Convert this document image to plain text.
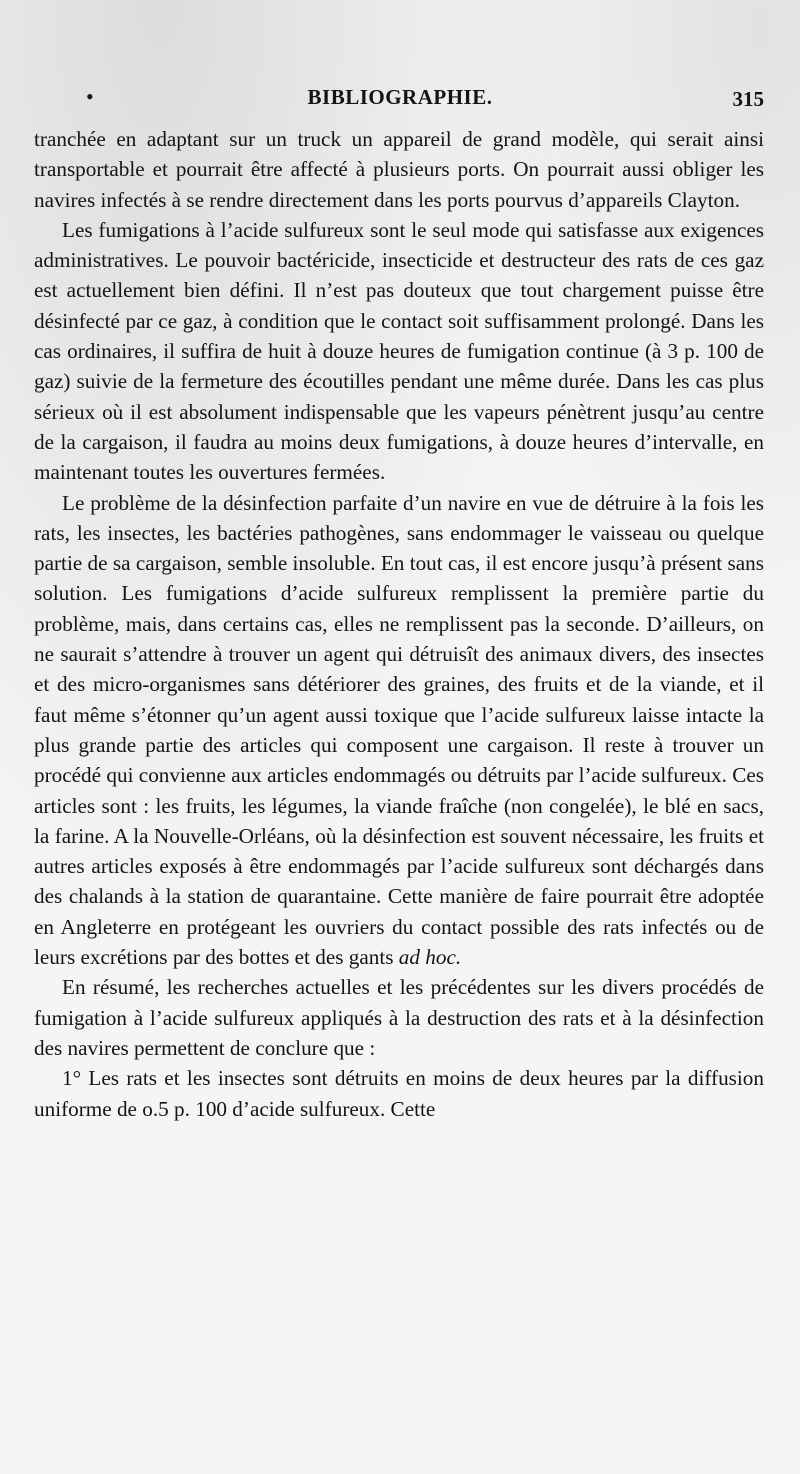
•	BIBLIOGRAPHIE.	315

tranchée en adaptant sur un truck un appareil de grand modèle, qui serait ainsi transportable et pourrait être affecté à plusieurs ports. On pourrait aussi obliger les navires infectés à se rendre directement dans les ports pourvus d’appareils Clayton.

Les fumigations à l’acide sulfureux sont le seul mode qui satisfasse aux exigences administratives. Le pouvoir bactéricide, insecticide et destructeur des rats de ces gaz est actuellement bien défini. Il n’est pas douteux que tout chargement puisse être désinfecté par ce gaz, à condition que le contact soit suffisamment prolongé. Dans les cas ordinaires, il suffira de huit à douze heures de fumigation continue (à 3 p. 100 de gaz) suivie de la fermeture des écoutilles pendant une même durée. Dans les cas plus sérieux où il est absolument indispensable que les vapeurs pénètrent jusqu’au centre de la cargaison, il faudra au moins deux fumigations, à douze heures d’intervalle, en maintenant toutes les ouvertures fermées.

Le problème de la désinfection parfaite d’un navire en vue de détruire à la fois les rats, les insectes, les bactéries pathogènes, sans endommager le vaisseau ou quelque partie de sa cargaison, semble insoluble. En tout cas, il est encore jusqu’à présent sans solution. Les fumigations d’acide sulfureux remplissent la première partie du problème, mais, dans certains cas, elles ne remplissent pas la seconde. D’ailleurs, on ne saurait s’attendre à trouver un agent qui détruisît des animaux divers, des insectes et des micro-organismes sans détériorer des graines, des fruits et de la viande, et il faut même s’étonner qu’un agent aussi toxique que l’acide sulfureux laisse intacte la plus grande partie des articles qui composent une cargaison. Il reste à trouver un procédé qui convienne aux articles endommagés ou détruits par l’acide sulfureux. Ces articles sont : les fruits, les légumes, la viande fraîche (non congelée), le blé en sacs, la farine. A la Nouvelle-Orléans, où la désinfection est souvent nécessaire, les fruits et autres articles exposés à être endommagés par l’acide sulfureux sont déchargés dans des chalands à la station de quarantaine. Cette manière de faire pourrait être adoptée en Angleterre en protégeant les ouvriers du contact possible des rats infectés ou de leurs excrétions par des bottes et des gants ad hoc.

En résumé, les recherches actuelles et les précédentes sur les divers procédés de fumigation à l’acide sulfureux appliqués à la destruction des rats et à la désinfection des navires permettent de conclure que :

1° Les rats et les insectes sont détruits en moins de deux heures par la diffusion uniforme de o.5 p. 100 d’acide sulfureux. Cette
